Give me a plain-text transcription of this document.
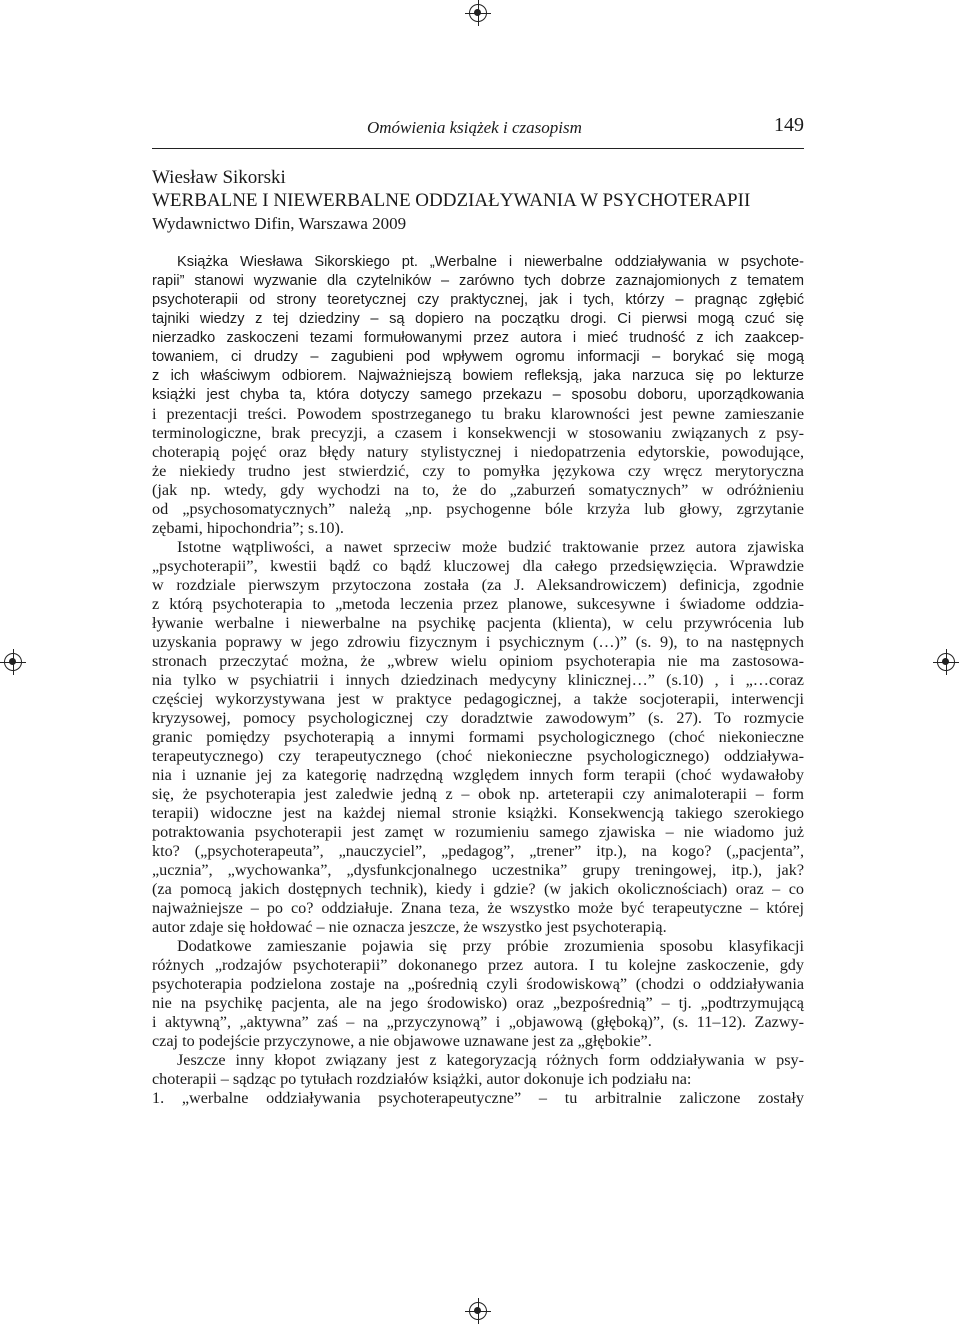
Omówienia książek i czasopism	149
Wiesław Sikorski
WERBALNE I NIEWERBALNE ODDZIAŁYWANIA W PSYCHOTERAPII
Wydawnictwo Difin, Warszawa 2009
Książka Wiesława Sikorskiego pt. „Werbalne i niewerbalne oddziaływania w psychote-
rapii” stanowi wyzwanie dla czytelników – zarówno tych dobrze zaznajomionych z tematem
psychoterapii od strony teoretycznej czy praktycznej, jak i tych, którzy – pragnąc zgłębić
tajniki wiedzy z tej dziedziny – są dopiero na początku drogi. Ci pierwsi mogą czuć się
nierzadko zaskoczeni tezami formułowanymi przez autora i mieć trudność z ich zaakcep-
towaniem, ci drudzy – zagubieni pod wpływem ogromu informacji – borykać się mogą
z ich właściwym odbiorem. Najważniejszą bowiem refleksją, jaka narzuca się po lekturze
książki jest chyba ta, która dotyczy samego przekazu – sposobu doboru, uporządkowania
i prezentacji treści. Powodem spostrzeganego tu braku klarowności jest pewne zamieszanie
terminologiczne, brak precyzji, a czasem i konsekwencji w stosowaniu związanych z psy-
choterapią pojęć oraz błędy natury stylistycznej i niedopatrzenia edytorskie, powodujące,
że niekiedy trudno jest stwierdzić, czy to pomyłka językowa czy wręcz merytoryczna
(jak np. wtedy, gdy wychodzi na to, że do „zaburzeń somatycznych” w odróżnieniu
od „psychosomatycznych” należą „np. psychogenne bóle krzyża lub głowy, zgrzytanie
zębami, hipochondria”; s.10).
Istotne wątpliwości, a nawet sprzeciw może budzić traktowanie przez autora zjawiska
„psychoterapii”, kwestii bądź co bądź kluczowej dla całego przedsięwzięcia. Wprawdzie
w rozdziale pierwszym przytoczona została (za J. Aleksandrowiczem) definicja, zgodnie
z którą psychoterapia to „metoda leczenia przez planowe, sukcesywne i świadome oddzia-
ływanie werbalne i niewerbalne na psychikę pacjenta (klienta), w celu przywrócenia lub
uzyskania poprawy w jego zdrowiu fizycznym i psychicznym (…)” (s. 9), to na następnych
stronach przeczytać można, że „wbrew wielu opiniom psychoterapia nie ma zastosowa-
nia tylko w psychiatrii i innych dziedzinach medycyny klinicznej…” (s.10) , i „…coraz
częściej wykorzystywana jest w praktyce pedagogicznej, a także socjoterapii, interwencji
kryzysowej, pomocy psychologicznej czy doradztwie zawodowym” (s. 27). To rozmycie
granic pomiędzy psychoterapią a innymi formami psychologicznego (choć niekonieczne
terapeutycznego) czy terapeutycznego (choć niekonieczne psychologicznego) oddziaływa-
nia i uznanie jej za kategorię nadrzędną względem innych form terapii (choć wydawałoby
się, że psychoterapia jest zaledwie jedną z – obok np. arteterapii czy animaloterapii – form
terapii) widoczne jest na każdej niemal stronie książki. Konsekwencją takiego szerokiego
potraktowania psychoterapii jest zamęt w rozumieniu samego zjawiska – nie wiadomo już
kto? („psychoterapeuta”, „nauczyciel”, „pedagog”, „trener” itp.), na kogo? („pacjenta”,
„ucznia”, „wychowanka”, „dysfunkcjonalnego uczestnika” grupy treningowej, itp.), jak?
(za pomocą jakich dostępnych technik), kiedy i gdzie? (w jakich okolicznościach) oraz – co
najważniejsze – po co? oddziałuje. Znana teza, że wszystko może być terapeutyczne – której
autor zdaje się hołdować – nie oznacza jeszcze, że wszystko jest psychoterapią.
Dodatkowe zamieszanie pojawia się przy próbie zrozumienia sposobu klasyfikacji
różnych „rodzajów psychoterapii” dokonanego przez autora. I tu kolejne zaskoczenie, gdy
psychoterapia podzielona zostaje na „pośrednią czyli środowiskową” (chodzi o oddziaływania
nie na psychikę pacjenta, ale na jego środowisko) oraz „bezpośrednią” – tj. „podtrzymującą
i aktywną”, „aktywna” zaś – na „przyczynową” i „objawową (głęboką)”, (s. 11–12). Zazwy-
czaj to podejście przyczynowe, a nie objawowe uznawane jest za „głębokie”.
Jeszcze inny kłopot związany jest z kategoryzacją różnych form oddziaływania w psy-
choterapii – sądząc po tytułach rozdziałów książki, autor dokonuje ich podziału na:
1. „werbalne oddziaływania psychoterapeutyczne” – tu arbitralnie zaliczone zostały
